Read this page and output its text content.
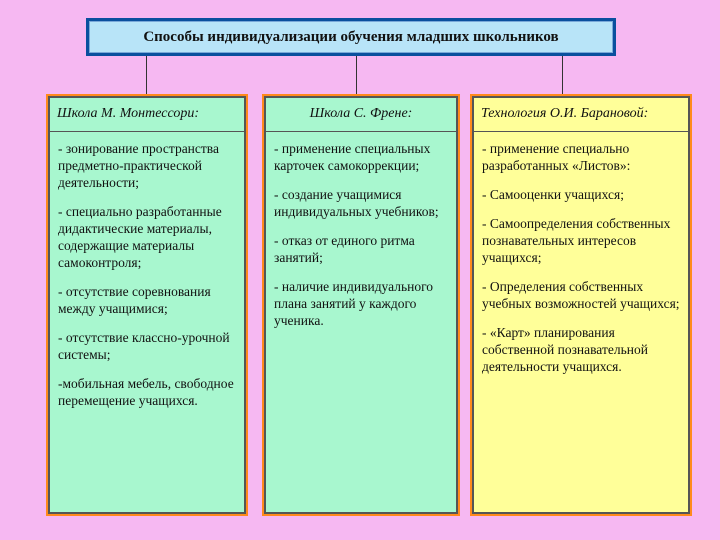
Способы индивидуализации обучения младших школьников
Школа М. Монтессори:
- зонирование пространства предметно-практической деятельности;
- специально разработанные дидактические материалы, содержащие материалы самоконтроля;
- отсутствие соревнования между учащимися;
- отсутствие классно-урочной системы;
-мобильная мебель, свободное перемещение учащихся.
Школа С. Френе:
- применение специальных карточек самокоррекции;
- создание учащимися индивидуальных учебников;
- отказ от единого ритма занятий;
- наличие индивидуального плана занятий у каждого ученика.
Технология О.И. Барановой:
- применение специально разработанных «Листов»:
- Самооценки учащихся;
- Самоопределения собственных познавательных интересов учащихся;
- Определения собственных учебных возможностей учащихся;
- «Карт» планирования собственной познавательной деятельности учащихся.
